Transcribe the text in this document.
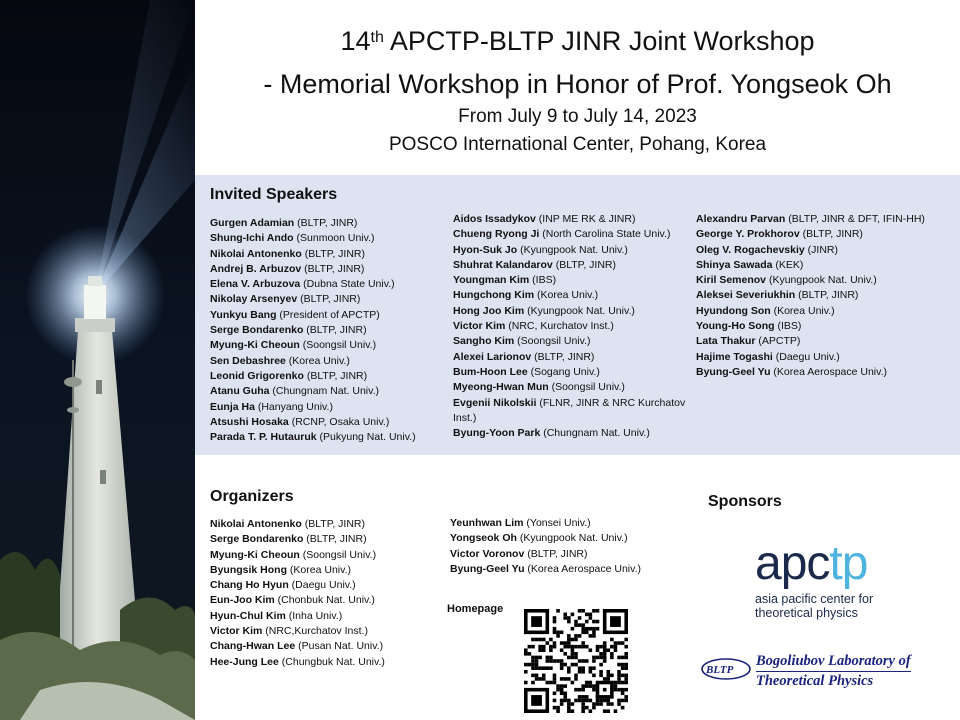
14th APCTP-BLTP JINR Joint Workshop
- Memorial Workshop in Honor of Prof. Yongseok Oh
From July 9 to July 14, 2023
POSCO International Center, Pohang, Korea
Invited Speakers
Gurgen Adamian (BLTP, JINR)
Shung-Ichi Ando (Sunmoon Univ.)
Nikolai Antonenko (BLTP, JINR)
Andrej B. Arbuzov (BLTP, JINR)
Elena V. Arbuzova (Dubna State Univ.)
Nikolay Arsenyev (BLTP, JINR)
Yunkyu Bang (President of APCTP)
Serge Bondarenko (BLTP, JINR)
Myung-Ki Cheoun (Soongsil Univ.)
Sen Debashree (Korea Univ.)
Leonid Grigorenko (BLTP, JINR)
Atanu Guha (Chungnam Nat. Univ.)
Eunja Ha (Hanyang Univ.)
Atsushi Hosaka (RCNP, Osaka Univ.)
Parada T. P. Hutauruk (Pukyung Nat. Univ.)
Aidos Issadykov (INP ME RK & JINR)
Chueng Ryong Ji (North Carolina State Univ.)
Hyon-Suk Jo (Kyungpook Nat. Univ.)
Shuhrat Kalandarov (BLTP, JINR)
Youngman Kim (IBS)
Hungchong Kim (Korea Univ.)
Hong Joo Kim (Kyungpook Nat. Univ.)
Victor Kim (NRC, Kurchatov Inst.)
Sangho Kim (Soongsil Univ.)
Alexei Larionov (BLTP, JINR)
Bum-Hoon Lee (Sogang Univ.)
Myeong-Hwan Mun (Soongsil Univ.)
Evgenii Nikolskii (FLNR, JINR & NRC Kurchatov Inst.)
Byung-Yoon Park (Chungnam Nat. Univ.)
Alexandru Parvan (BLTP, JINR & DFT, IFIN-HH)
George Y. Prokhorov (BLTP, JINR)
Oleg V. Rogachevskiy (JINR)
Shinya Sawada (KEK)
Kiril Semenov (Kyungpook Nat. Univ.)
Aleksei Severiukhin (BLTP, JINR)
Hyundong Son (Korea Univ.)
Young-Ho Song (IBS)
Lata Thakur (APCTP)
Hajime Togashi (Daegu Univ.)
Byung-Geel Yu (Korea Aerospace Univ.)
Organizers
Nikolai Antonenko (BLTP, JINR)
Serge Bondarenko (BLTP, JINR)
Myung-Ki Cheoun (Soongsil Univ.)
Byungsik Hong (Korea Univ.)
Chang Ho Hyun (Daegu Univ.)
Eun-Joo Kim (Chonbuk Nat. Univ.)
Hyun-Chul Kim (Inha Univ.)
Victor Kim (NRC,Kurchatov Inst.)
Chang-Hwan Lee (Pusan Nat. Univ.)
Hee-Jung Lee (Chungbuk Nat. Univ.)
Yeunhwan Lim (Yonsei Univ.)
Yongseok Oh (Kyungpook Nat. Univ.)
Victor Voronov (BLTP, JINR)
Byung-Geel Yu (Korea Aerospace Univ.)
Homepage
Sponsors
apctp
asia pacific center for
theoretical physics
BLTP
Bogoliubov Laboratory of
Theoretical Physics
